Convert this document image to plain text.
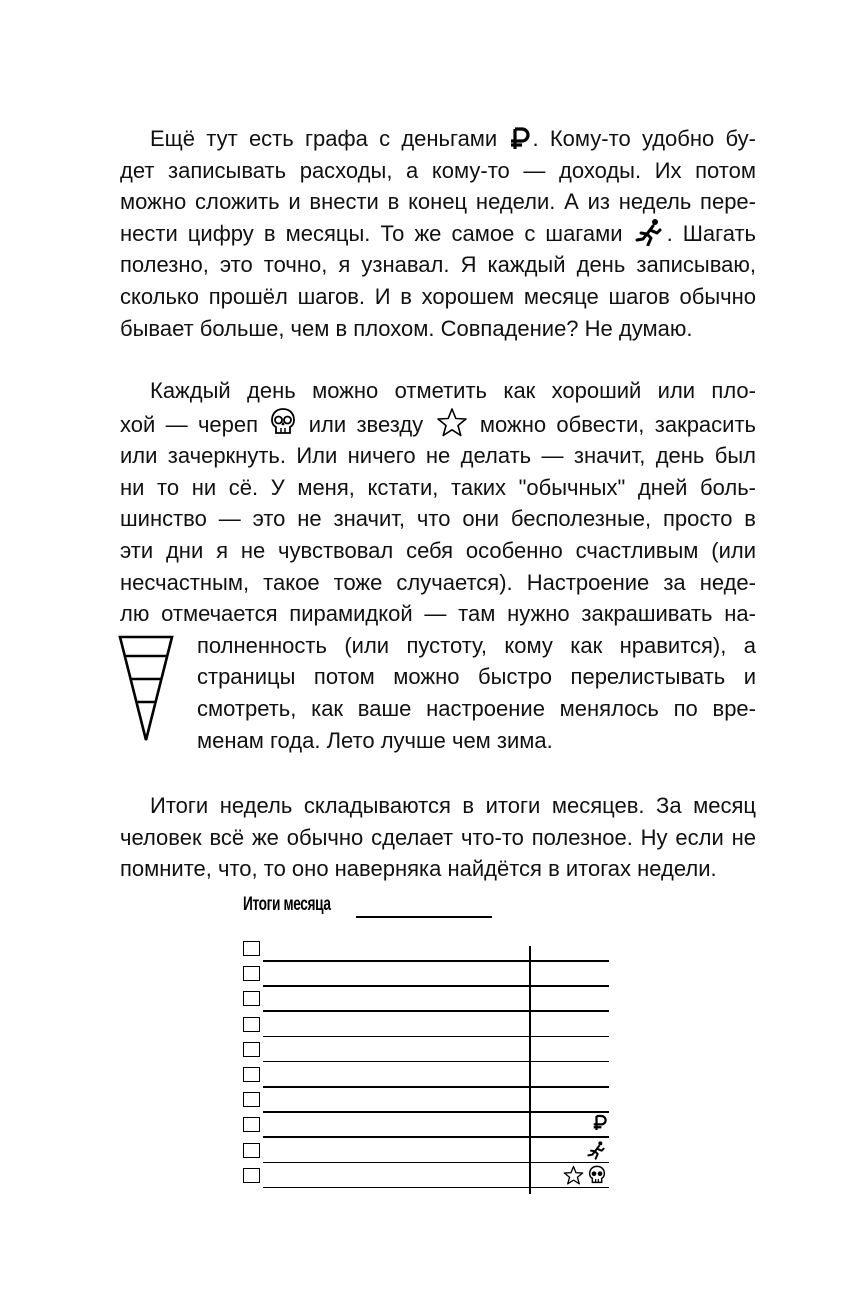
Ещё тут есть графа с деньгами . Кому-то удобно бу-
дет записывать расходы, а кому-то — доходы. Их потом
можно сложить и внести в конец недели. А из недель пере-
нести цифру в месяцы. То же самое с шагами . Шагать
полезно, это точно, я узнавал. Я каждый день записываю,
сколько прошёл шагов. И в хорошем месяце шагов обычно
бывает больше, чем в плохом. Совпадение? Не думаю.
Каждый день можно отметить как хороший или пло-
хой — череп или звезду	можно обвести, закрасить
или зачеркнуть. Или ничего не делать — значит, день был
ни то ни сё. У меня, кстати, таких "обычных" дней боль-
шинство — это не значит, что они бесполезные, просто в
эти дни я не чувствовал себя особенно счастливым (или
несчастным, такое тоже случается). Настроение за неде-
лю отмечается пирамидкой — там нужно закрашивать на-
полненность (или пустоту, кому как нравится), а
страницы потом можно быстро перелистывать и
смотреть, как ваше настроение менялось по вре-
менам года. Лето лучше чем зима.
Итоги недель складываются в итоги месяцев. За месяц
человек всё же обычно сделает что-то полезное. Ну если не
помните, что, то оно наверняка найдётся в итогах недели.
Итоги месяца
